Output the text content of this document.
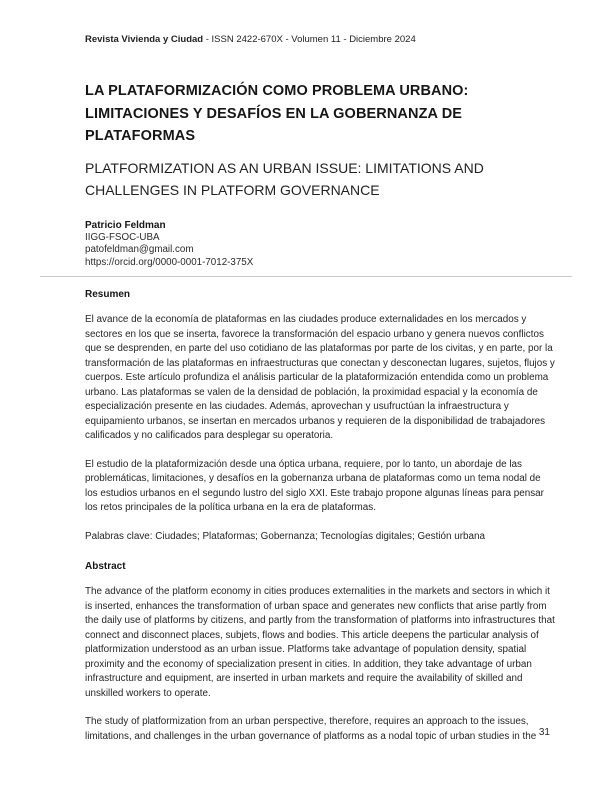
Revista Vivienda y Ciudad - ISSN 2422-670X - Volumen 11 - Diciembre 2024
LA PLATAFORMIZACIÓN COMO PROBLEMA URBANO: LIMITACIONES Y DESAFÍOS EN LA GOBERNANZA DE PLATAFORMAS
PLATFORMIZATION AS AN URBAN ISSUE: LIMITATIONS AND CHALLENGES IN PLATFORM GOVERNANCE
Patricio Feldman
IIGG-FSOC-UBA
patofeldman@gmail.com
https://orcid.org/0000-0001-7012-375X
Resumen

El avance de la economía de plataformas en las ciudades produce externalidades en los mercados y sectores en los que se inserta, favorece la transformación del espacio urbano y genera nuevos conflictos que se desprenden, en parte del uso cotidiano de las plataformas por parte de los civitas, y en parte, por la transformación de las plataformas en infraestructuras que conectan y desconectan lugares, sujetos, flujos y cuerpos. Este artículo profundiza el análisis particular de la plataformización entendida como un problema urbano. Las plataformas se valen de la densidad de población, la proximidad espacial y la economía de especialización presente en las ciudades. Además, aprovechan y usufructúan la infraestructura y equipamiento urbanos, se insertan en mercados urbanos y requieren de la disponibilidad de trabajadores calificados y no calificados para desplegar su operatoria.

El estudio de la plataformización desde una óptica urbana, requiere, por lo tanto, un abordaje de las problemáticas, limitaciones, y desafíos en la gobernanza urbana de plataformas como un tema nodal de los estudios urbanos en el segundo lustro del siglo XXI. Este trabajo propone algunas líneas para pensar los retos principales de la política urbana en la era de plataformas.

Palabras clave: Ciudades; Plataformas; Gobernanza; Tecnologías digitales; Gestión urbana
Abstract

The advance of the platform economy in cities produces externalities in the markets and sectors in which it is inserted, enhances the transformation of urban space and generates new conflicts that arise partly from the daily use of platforms by citizens, and partly from the transformation of platforms into infrastructures that connect and disconnect places, subjets, flows and bodies. This article deepens the particular analysis of platformization understood as an urban issue. Platforms take advantage of population density, spatial proximity and the economy of specialization present in cities. In addition, they take advantage of urban infrastructure and equipment, are inserted in urban markets and require the availability of skilled and unskilled workers to operate.

The study of platformization from an urban perspective, therefore, requires an approach to the issues, limitations, and challenges in the urban governance of platforms as a nodal topic of urban studies in the 31
